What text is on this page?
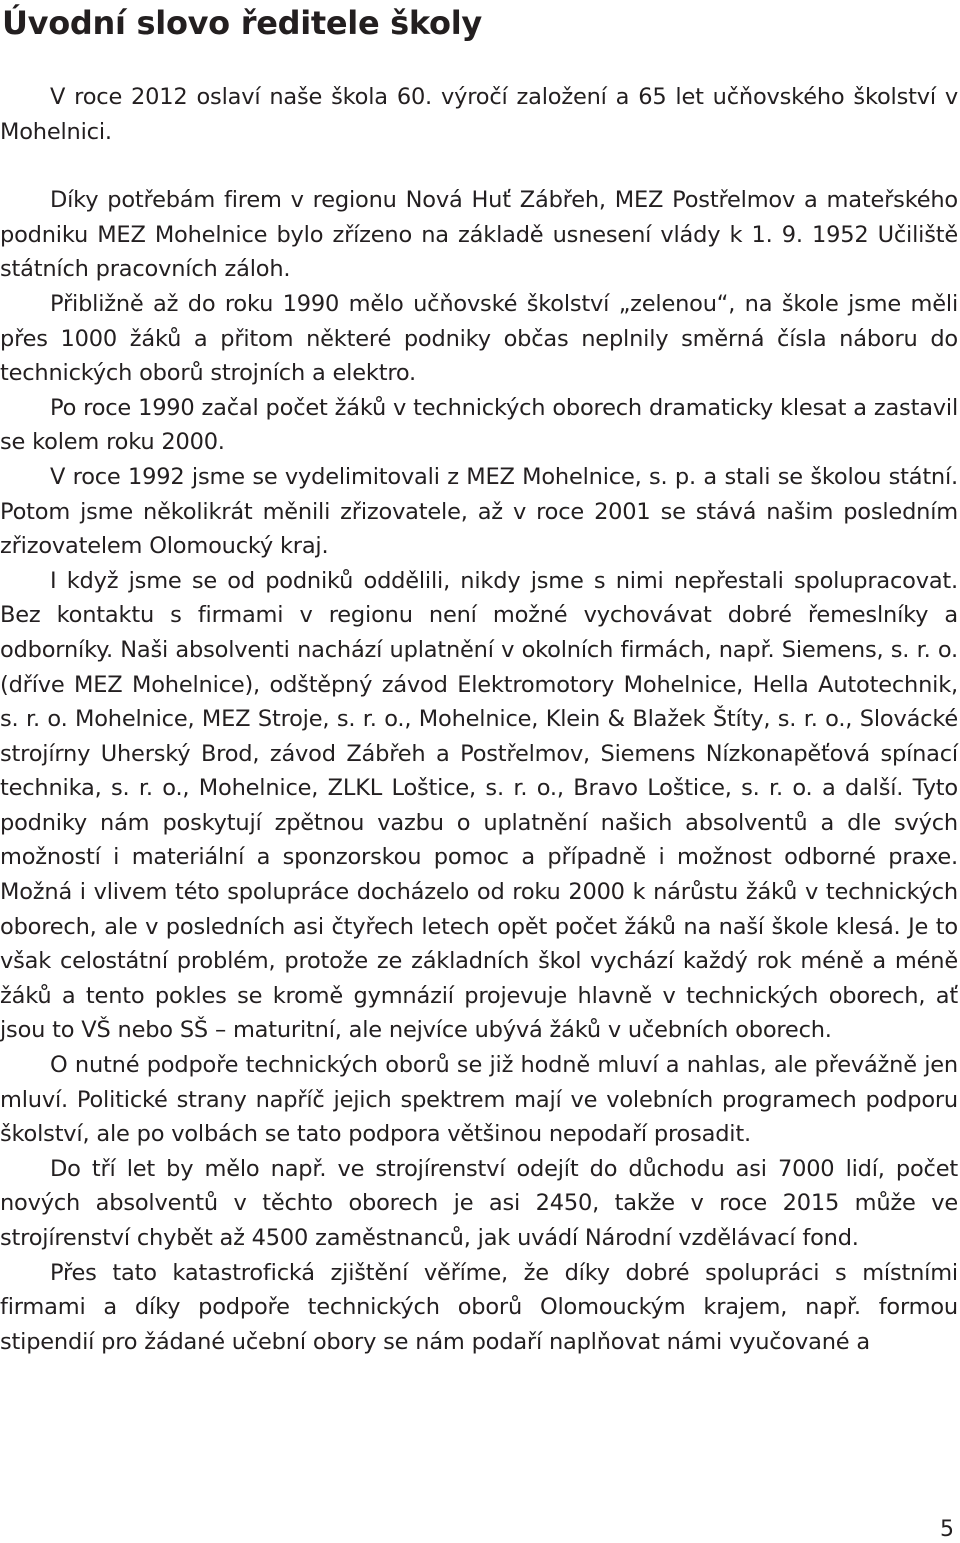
Úvodní slovo ředitele školy

V roce 2012 oslaví naše škola 60. výročí založení a 65 let učňovského školství v Mohelnici.

Díky potřebám firem v regionu Nová Huť Zábřeh, MEZ Postřelmov a mateřského podniku MEZ Mohelnice bylo zřízeno na základě usnesení vlády k 1. 9. 1952 Učiliště státních pracovních záloh.

Přibližně až do roku 1990 mělo učňovské školství „zelenou“, na škole jsme měli přes 1000 žáků a přitom některé podniky občas neplnily směrná čísla náboru do technických oborů strojních a elektro.

Po roce 1990 začal počet žáků v technických oborech dramaticky klesat a zastavil se kolem roku 2000.

V roce 1992 jsme se vydelimitovali z MEZ Mohelnice, s. p. a stali se školou státní. Potom jsme několikrát měnili zřizovatele, až v roce 2001 se stává našim posledním zřizovatelem Olomoucký kraj.

I když jsme se od podniků oddělili, nikdy jsme s nimi nepřestali spolupracovat. Bez kontaktu s firmami v regionu není možné vychovávat dobré řemeslníky a odborníky. Naši absolventi nachází uplatnění v okolních firmách, např. Siemens, s. r. o. (dříve MEZ Mohelnice), odštěpný závod Elektromotory Mohelnice, Hella Autotechnik, s. r. o. Mohelnice, MEZ Stroje, s. r. o., Mohelnice, Klein & Blažek Štíty, s. r. o., Slovácké strojírny Uherský Brod, závod Zábřeh a Postřelmov, Siemens Nízkonapěťová spínací technika, s. r. o., Mohelnice, ZLKL Loštice, s. r. o., Bravo Loštice, s. r. o. a další. Tyto podniky nám poskytují zpětnou vazbu o uplatnění našich absolventů a dle svých možností i materiální a sponzorskou pomoc a případně i možnost odborné praxe. Možná i vlivem této spolupráce docházelo od roku 2000 k nárůstu žáků v technických oborech, ale v posledních asi čtyřech letech opět počet žáků na naší škole klesá. Je to však celostátní problém, protože ze základních škol vychází každý rok méně a méně žáků a tento pokles se kromě gymnázií projevuje hlavně v technických oborech, ať jsou to VŠ nebo SŠ – maturitní, ale nejvíce ubývá žáků v učebních oborech.

O nutné podpoře technických oborů se již hodně mluví a nahlas, ale převážně jen mluví. Politické strany napříč jejich spektrem mají ve volebních programech podporu školství, ale po volbách se tato podpora většinou nepodaří prosadit.

Do tří let by mělo např. ve strojírenství odejít do důchodu asi 7000 lidí, počet nových absolventů v těchto oborech je asi 2450, takže v roce 2015 může ve strojírenství chybět až 4500 zaměstnanců, jak uvádí Národní vzdělávací fond.

Přes tato katastrofická zjištění věříme, že díky dobré spolupráci s místními firmami a díky podpoře technických oborů Olomouckým krajem, např. formou stipendií pro žádané učební obory se nám podaří naplňovat námi vyučované a

5
